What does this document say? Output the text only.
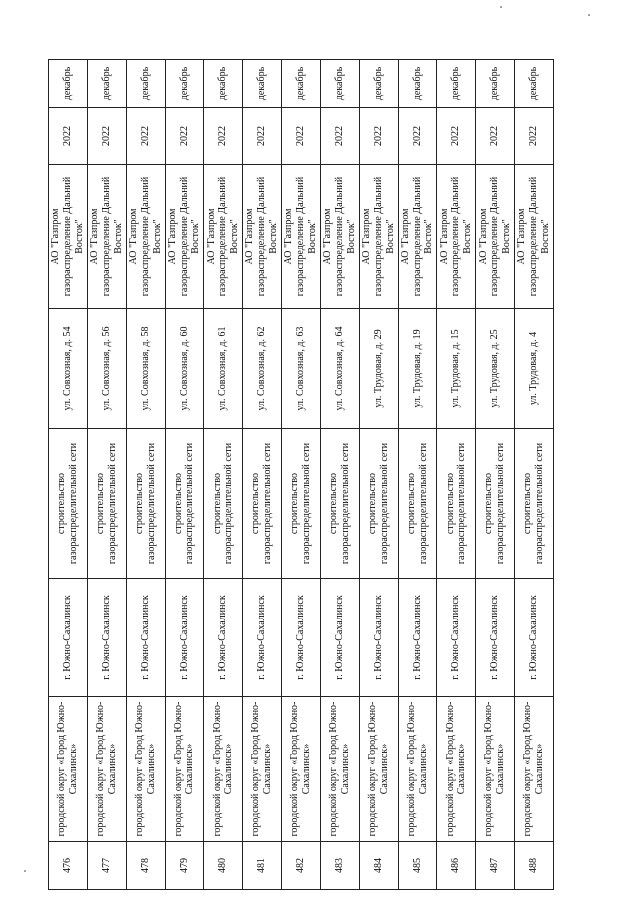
476	городской округ «Город Южно-Сахалинск»	г. Южно-Сахалинск	строительство газораспределительной сети	ул. Совхозная, д. 54	АО "Газпром газораспределение Дальний Восток"	2022	декабрь
477	городской округ «Город Южно-Сахалинск»	г. Южно-Сахалинск	строительство газораспределительной сети	ул. Совхозная, д. 56	АО "Газпром газораспределение Дальний Восток"	2022	декабрь
478	городской округ «Город Южно-Сахалинск»	г. Южно-Сахалинск	строительство газораспределительной сети	ул. Совхозная, д. 58	АО "Газпром газораспределение Дальний Восток"	2022	декабрь
479	городской округ «Город Южно-Сахалинск»	г. Южно-Сахалинск	строительство газораспределительной сети	ул. Совхозная, д. 60	АО "Газпром газораспределение Дальний Восток"	2022	декабрь
480	городской округ «Город Южно-Сахалинск»	г. Южно-Сахалинск	строительство газораспределительной сети	ул. Совхозная, д. 61	АО "Газпром газораспределение Дальний Восток"	2022	декабрь
481	городской округ «Город Южно-Сахалинск»	г. Южно-Сахалинск	строительство газораспределительной сети	ул. Совхозная, д. 62	АО "Газпром газораспределение Дальний Восток"	2022	декабрь
482	городской округ «Город Южно-Сахалинск»	г. Южно-Сахалинск	строительство газораспределительной сети	ул. Совхозная, д. 63	АО "Газпром газораспределение Дальний Восток"	2022	декабрь
483	городской округ «Город Южно-Сахалинск»	г. Южно-Сахалинск	строительство газораспределительной сети	ул. Совхозная, д. 64	АО "Газпром газораспределение Дальний Восток"	2022	декабрь
484	городской округ «Город Южно-Сахалинск»	г. Южно-Сахалинск	строительство газораспределительной сети	ул. Трудовая, д. 29	АО "Газпром газораспределение Дальний Восток"	2022	декабрь
485	городской округ «Город Южно-Сахалинск»	г. Южно-Сахалинск	строительство газораспределительной сети	ул. Трудовая, д. 19	АО "Газпром газораспределение Дальний Восток"	2022	декабрь
486	городской округ «Город Южно-Сахалинск»	г. Южно-Сахалинск	строительство газораспределительной сети	ул. Трудовая, д. 15	АО "Газпром газораспределение Дальний Восток"	2022	декабрь
487	городской округ «Город Южно-Сахалинск»	г. Южно-Сахалинск	строительство газораспределительной сети	ул. Трудовая, д. 25	АО "Газпром газораспределение Дальний Восток"	2022	декабрь
488	городской округ «Город Южно-Сахалинск»	г. Южно-Сахалинск	строительство газораспределительной сети	ул. Трудовая, д. 4	АО "Газпром газораспределение Дальний Восток"	2022	декабрь
